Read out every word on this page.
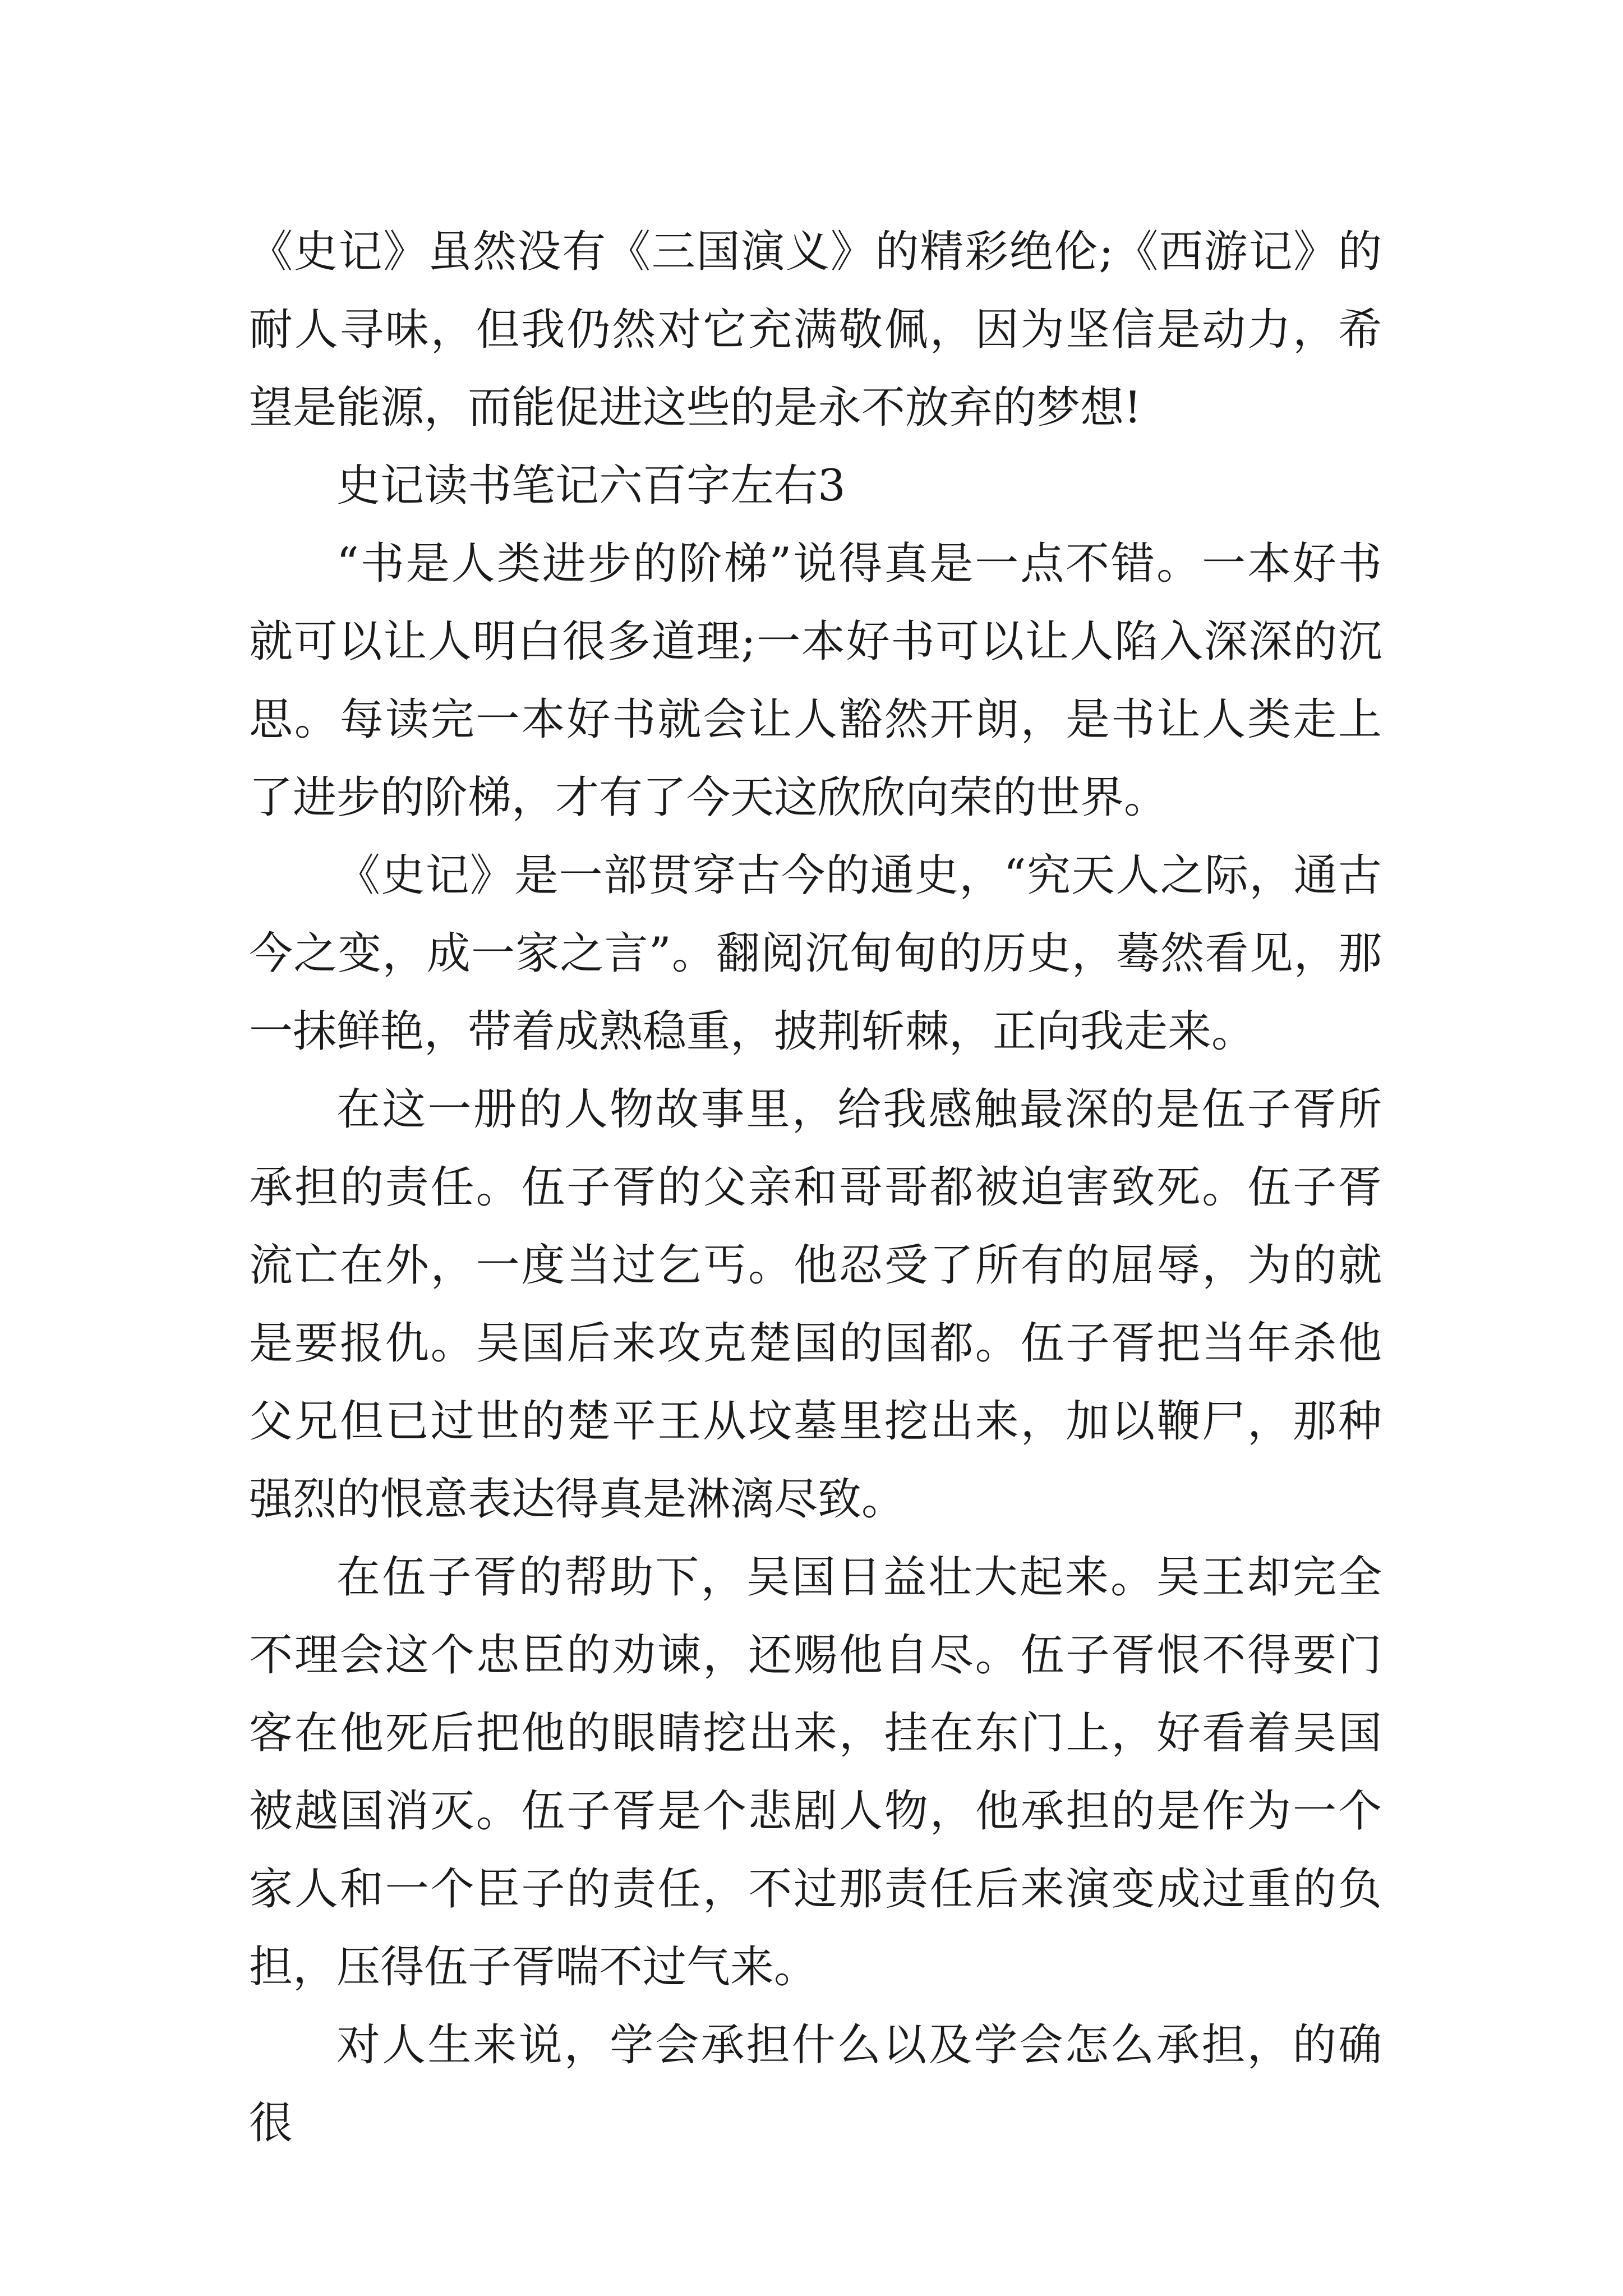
《史记》虽然没有《三国演义》的精彩绝伦;《西游记》的耐人寻味，但我仍然对它充满敬佩，因为坚信是动力，希望是能源，而能促进这些的是永不放弃的梦想!

史记读书笔记六百字左右3

“书是人类进步的阶梯”说得真是一点不错。一本好书就可以让人明白很多道理;一本好书可以让人陷入深深的沉思。每读完一本好书就会让人豁然开朗，是书让人类走上了进步的阶梯，才有了今天这欣欣向荣的世界。

《史记》是一部贯穿古今的通史，“究天人之际，通古今之变，成一家之言”。翻阅沉甸甸的历史，蓦然看见，那一抹鲜艳，带着成熟稳重，披荆斩棘，正向我走来。

在这一册的人物故事里，给我感触最深的是伍子胥所承担的责任。伍子胥的父亲和哥哥都被迫害致死。伍子胥流亡在外，一度当过乞丐。他忍受了所有的屈辱，为的就是要报仇。吴国后来攻克楚国的国都。伍子胥把当年杀他父兄但已过世的楚平王从坟墓里挖出来，加以鞭尸，那种强烈的恨意表达得真是淋漓尽致。

在伍子胥的帮助下，吴国日益壮大起来。吴王却完全不理会这个忠臣的劝谏，还赐他自尽。伍子胥恨不得要门客在他死后把他的眼睛挖出来，挂在东门上，好看着吴国被越国消灭。伍子胥是个悲剧人物，他承担的是作为一个家人和一个臣子的责任，不过那责任后来演变成过重的负担，压得伍子胥喘不过气来。

对人生来说，学会承担什么以及学会怎么承担，的确很
